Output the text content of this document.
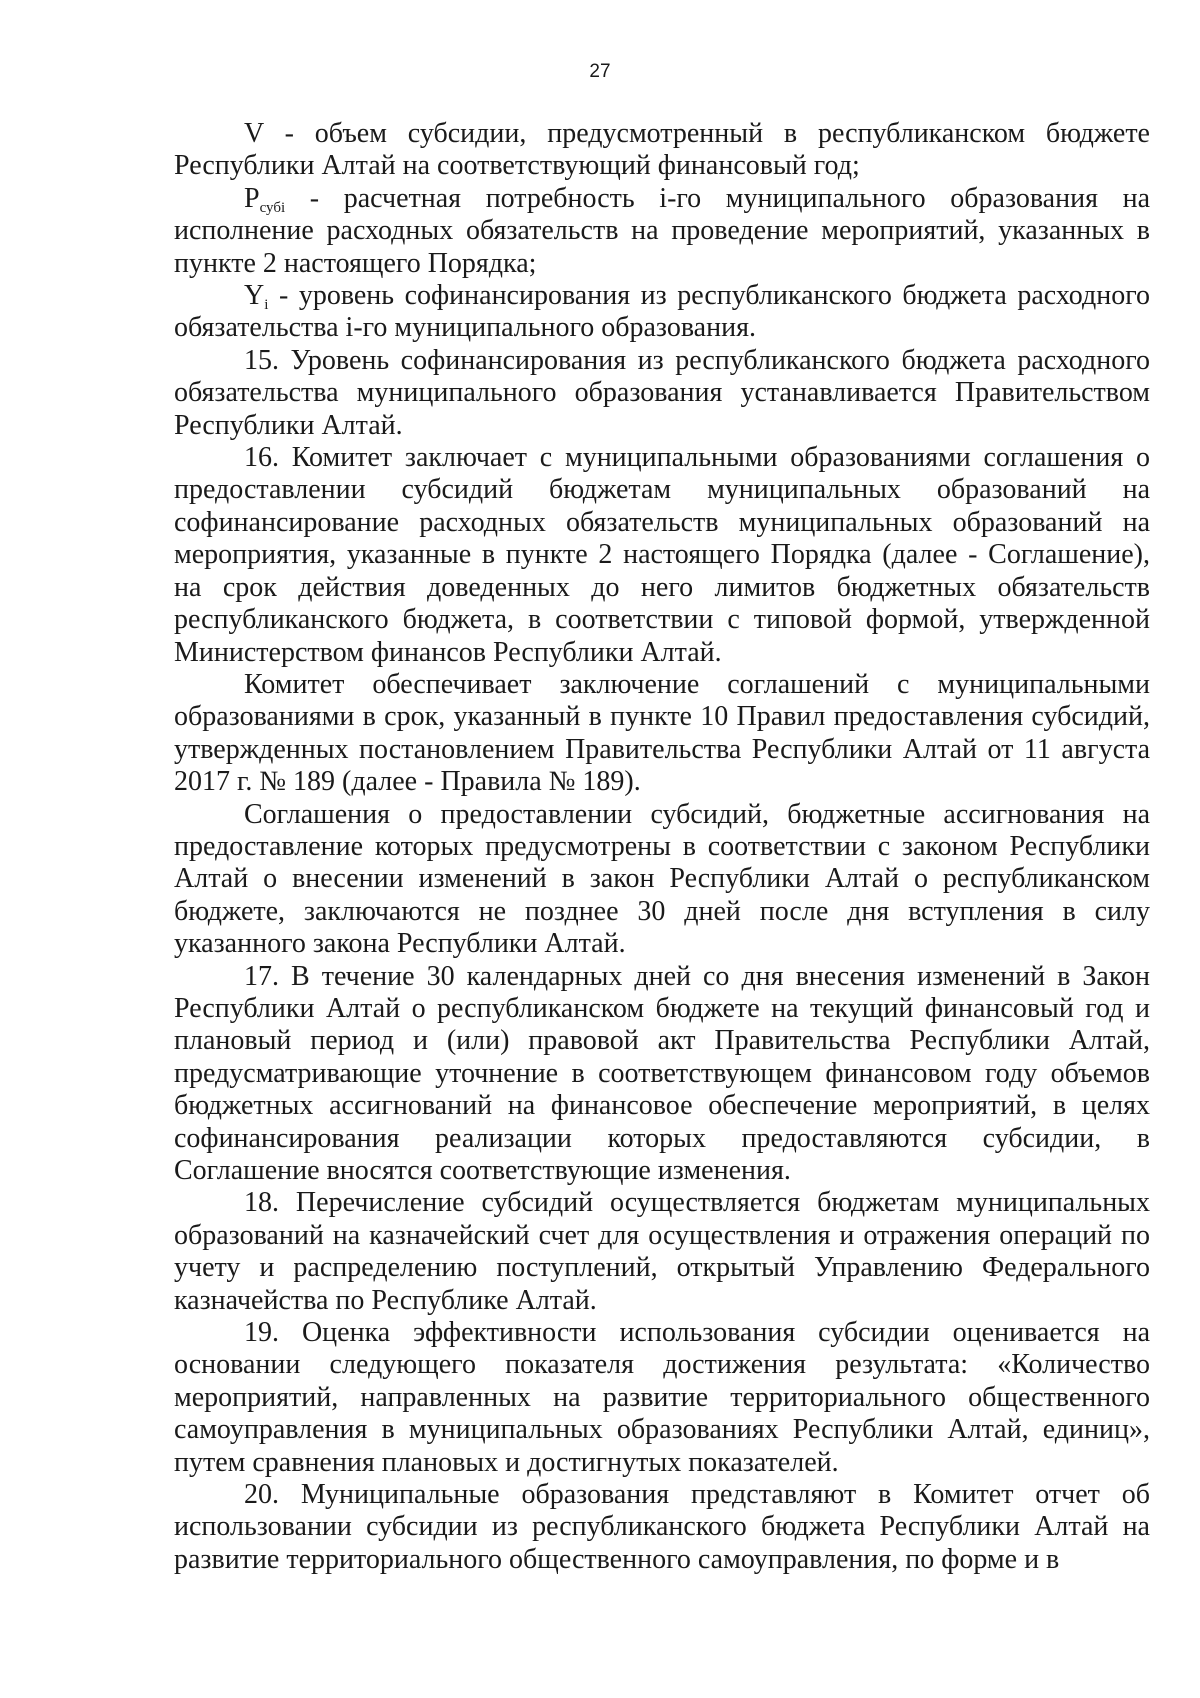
27

V - объем субсидии, предусмотренный в республиканском бюджете Республики Алтай на соответствующий финансовый год;

$P_{субi}$ - расчетная потребность i-го муниципального образования на исполнение расходных обязательств на проведение мероприятий, указанных в пункте 2 настоящего Порядка;

$Y_i$ - уровень софинансирования из республиканского бюджета расходного обязательства i-го муниципального образования.

15. Уровень софинансирования из республиканского бюджета расходного обязательства муниципального образования устанавливается Правительством Республики Алтай.

16. Комитет заключает с муниципальными образованиями соглашения о предоставлении субсидий бюджетам муниципальных образований на софинансирование расходных обязательств муниципальных образований на мероприятия, указанные в пункте 2 настоящего Порядка (далее - Соглашение), на срок действия доведенных до него лимитов бюджетных обязательств республиканского бюджета, в соответствии с типовой формой, утвержденной Министерством финансов Республики Алтай.

Комитет обеспечивает заключение соглашений с муниципальными образованиями в срок, указанный в пункте 10 Правил предоставления субсидий, утвержденных постановлением Правительства Республики Алтай от 11 августа 2017 г. № 189 (далее - Правила № 189).

Соглашения о предоставлении субсидий, бюджетные ассигнования на предоставление которых предусмотрены в соответствии с законом Республики Алтай о внесении изменений в закон Республики Алтай о республиканском бюджете, заключаются не позднее 30 дней после дня вступления в силу указанного закона Республики Алтай.

17. В течение 30 календарных дней со дня внесения изменений в Закон Республики Алтай о республиканском бюджете на текущий финансовый год и плановый период и (или) правовой акт Правительства Республики Алтай, предусматривающие уточнение в соответствующем финансовом году объемов бюджетных ассигнований на финансовое обеспечение мероприятий, в целях софинансирования реализации которых предоставляются субсидии, в Соглашение вносятся соответствующие изменения.

18. Перечисление субсидий осуществляется бюджетам муниципальных образований на казначейский счет для осуществления и отражения операций по учету и распределению поступлений, открытый Управлению Федерального казначейства по Республике Алтай.

19. Оценка эффективности использования субсидии оценивается на основании следующего показателя достижения результата: «Количество мероприятий, направленных на развитие территориального общественного самоуправления в муниципальных образованиях Республики Алтай, единиц», путем сравнения плановых и достигнутых показателей.

20. Муниципальные образования представляют в Комитет отчет об использовании субсидии из республиканского бюджета Республики Алтай на развитие территориального общественного самоуправления, по форме и в
